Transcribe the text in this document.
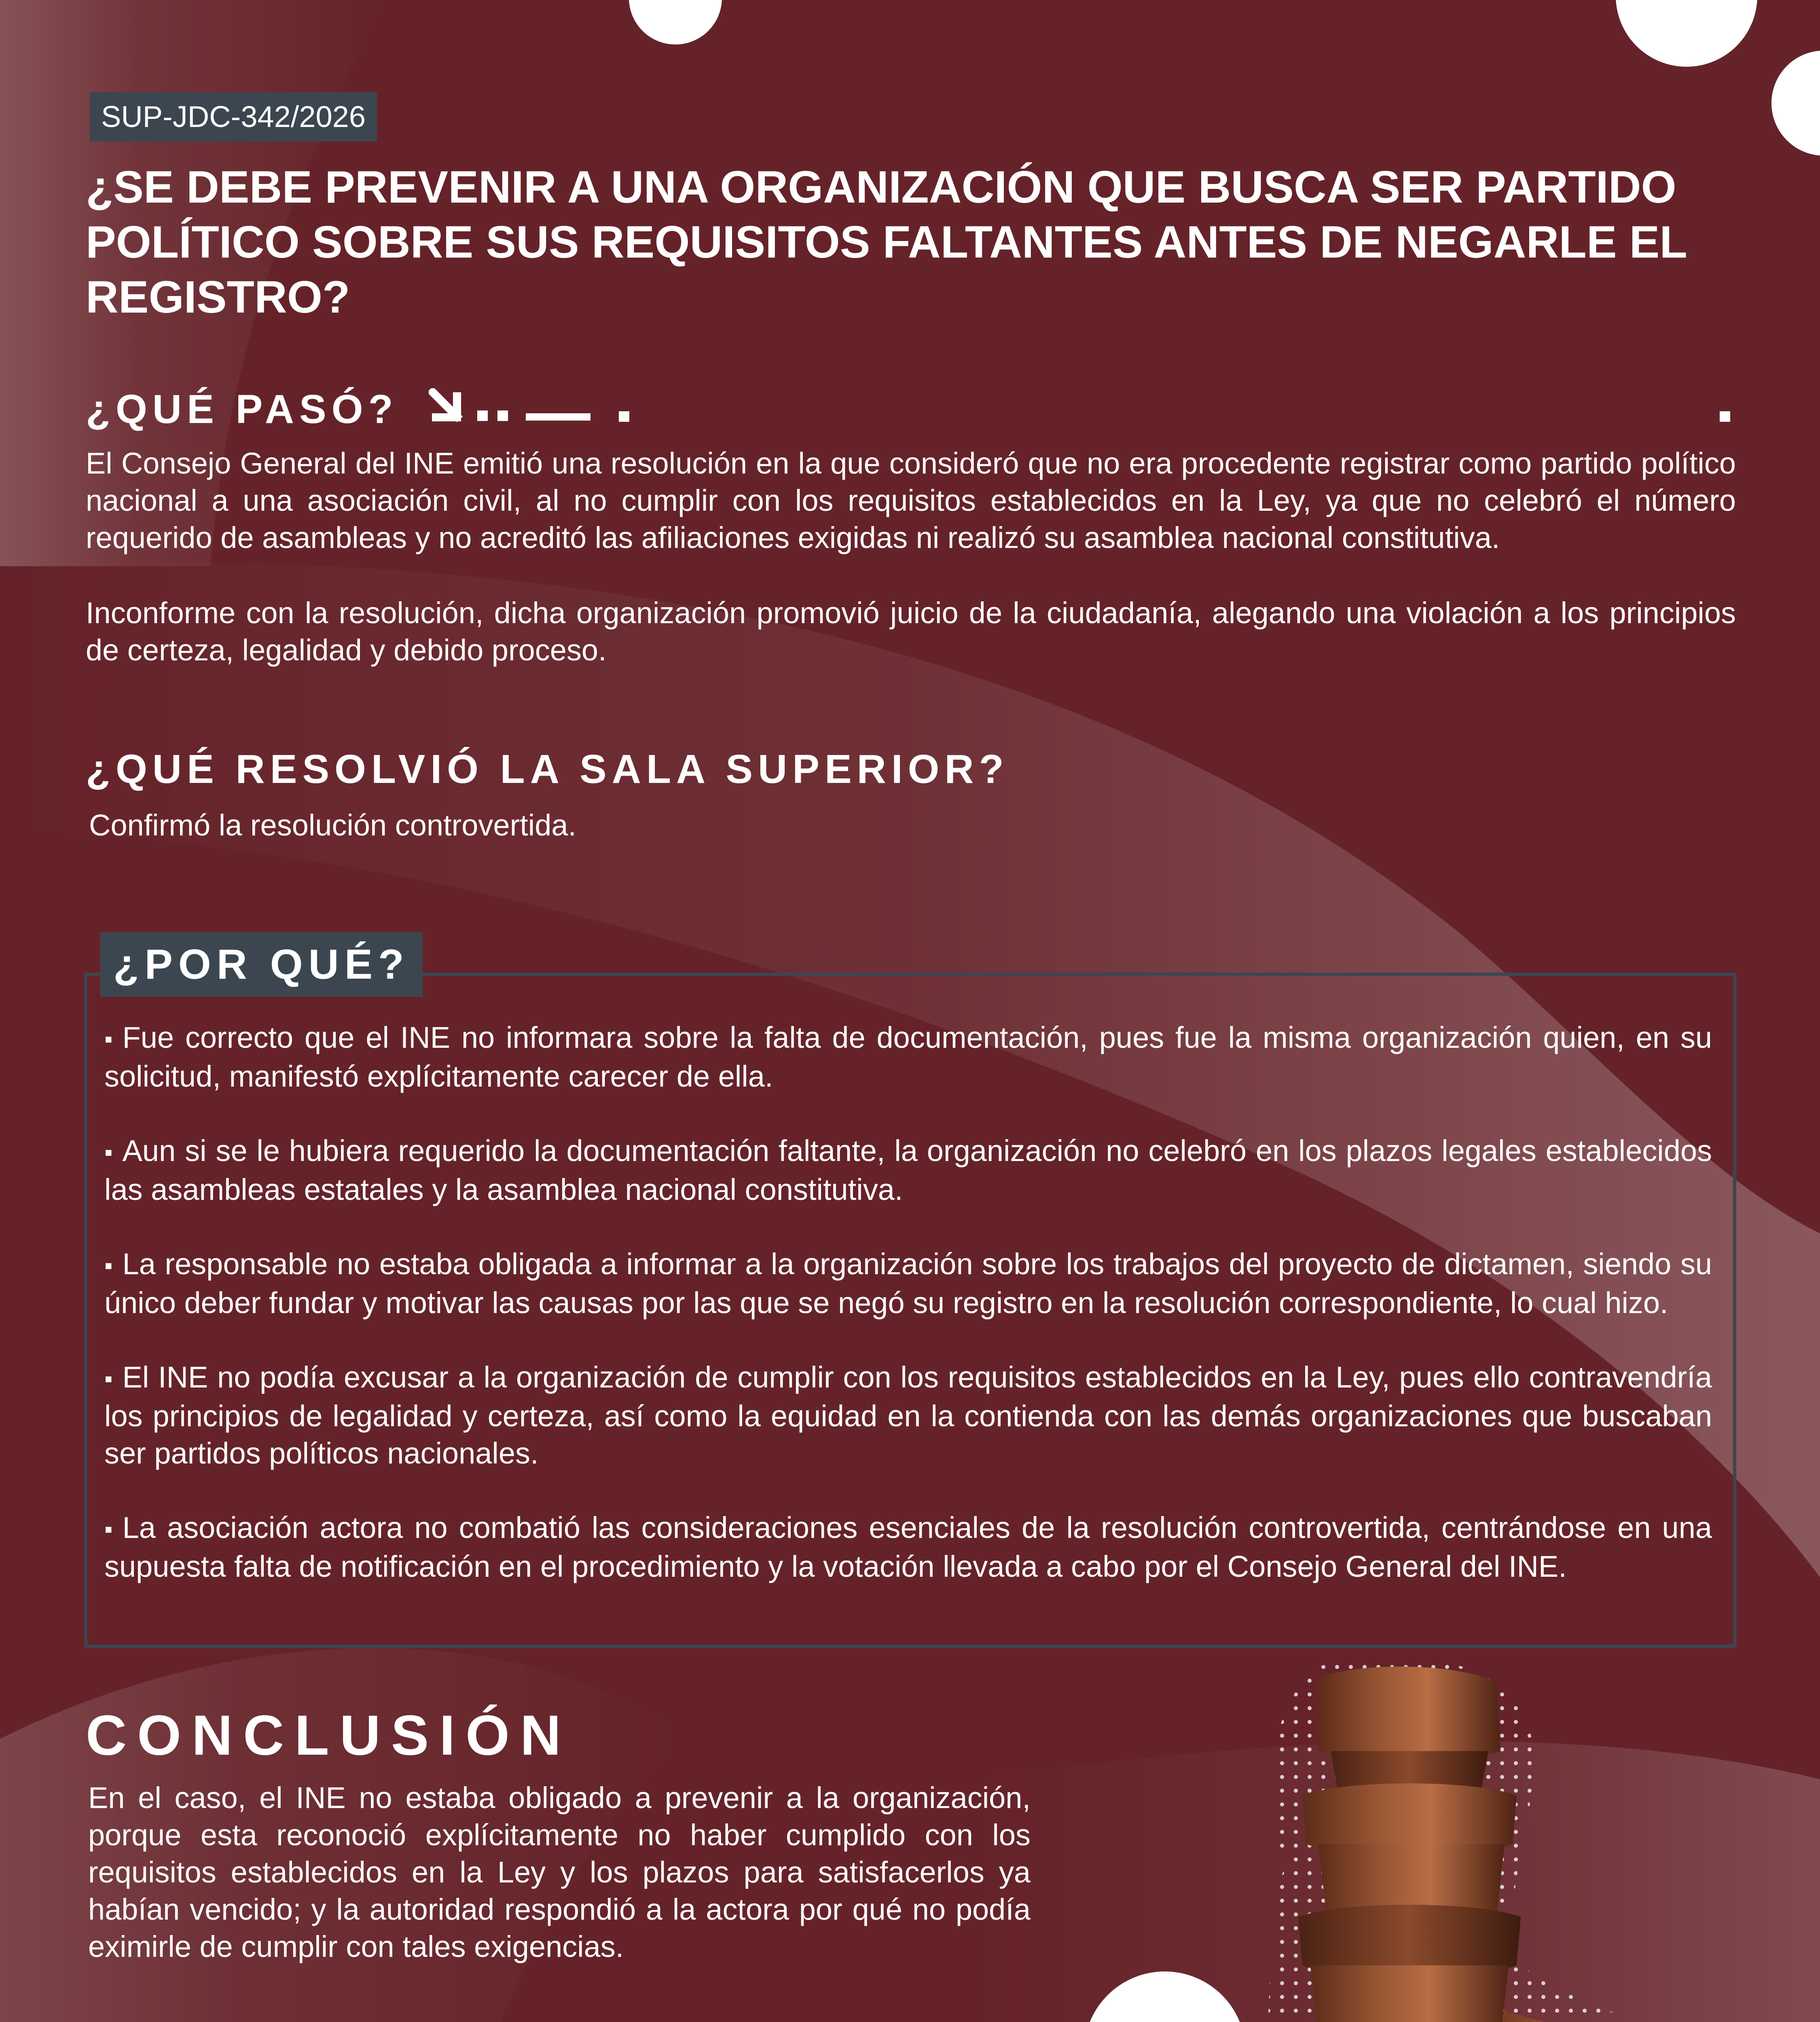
SUP-JDC-342/2026
¿SE DEBE PREVENIR A UNA ORGANIZACIÓN QUE BUSCA SER PARTIDO POLÍTICO SOBRE SUS REQUISITOS FALTANTES ANTES DE NEGARLE EL REGISTRO?
¿QUÉ PASÓ?

El Consejo General del INE emitió una resolución en la que consideró que no era procedente registrar como partido político nacional a una asociación civil, al no cumplir con los requisitos establecidos en la Ley, ya que no celebró el número requerido de asambleas y no acreditó las afiliaciones exigidas ni realizó su asamblea nacional constitutiva.

Inconforme con la resolución, dicha organización promovió juicio de la ciudadanía, alegando una violación a los principios de certeza, legalidad y debido proceso.

¿QUÉ RESOLVIÓ LA SALA SUPERIOR?

Confirmó la resolución controvertida.

¿POR QUÉ?
▪ Fue correcto que el INE no informara sobre la falta de documentación, pues fue la misma organización quien, en su solicitud, manifestó explícitamente carecer de ella.
▪ Aun si se le hubiera requerido la documentación faltante, la organización no celebró en los plazos legales establecidos las asambleas estatales y la asamblea nacional constitutiva.
▪ La responsable no estaba obligada a informar a la organización sobre los trabajos del proyecto de dictamen, siendo su único deber fundar y motivar las causas por las que se negó su registro en la resolución correspondiente, lo cual hizo.
▪ El INE no podía excusar a la organización de cumplir con los requisitos establecidos en la Ley, pues ello contravendría los principios de legalidad y certeza, así como la equidad en la contienda con las demás organizaciones que buscaban ser partidos políticos nacionales.
▪ La asociación actora no combatió las consideraciones esenciales de la resolución controvertida, centrándose en una supuesta falta de notificación en el procedimiento y la votación llevada a cabo por el Consejo General del INE.
CONCLUSIÓN

En el caso, el INE no estaba obligado a prevenir a la organización, porque esta reconoció explícitamente no haber cumplido con los requisitos establecidos en la Ley y los plazos para satisfacerlos ya habían vencido; y la autoridad respondió a la actora por qué no podía eximirle de cumplir con tales exigencias.
